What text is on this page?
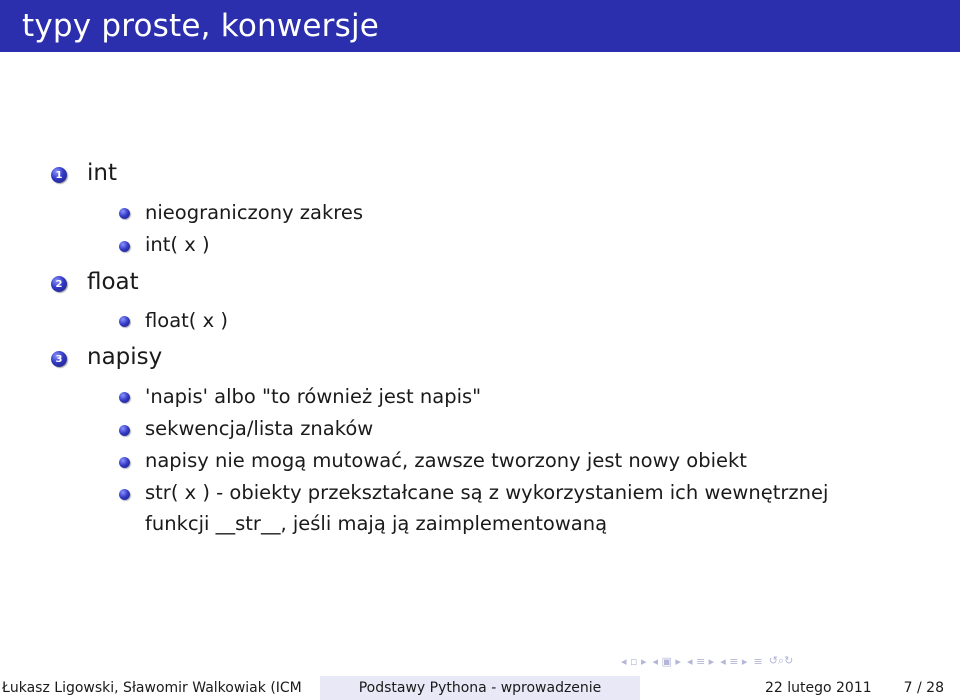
typy proste, konwersje
1 int
nieograniczony zakres
int( x )
2 float
float( x )
3 napisy
'napis' albo "to również jest napis"
sekwencja/lista znaków
napisy nie mogą mutować, zawsze tworzony jest nowy obiekt
str( x ) - obiekty przekształcane są z wykorzystaniem ich wewnętrznej
funkcji __str__, jeśli mają ją zaimplementowaną
◂ ▫ ▸ ◂ ▣ ▸ ◂ ≡ ▸ ◂ ≡ ▸ ≡ ↺⌕↻
Łukasz Ligowski, Sławomir Walkowiak (ICM	Podstawy Pythona - wprowadzenie	22 lutego 2011 7 / 28
